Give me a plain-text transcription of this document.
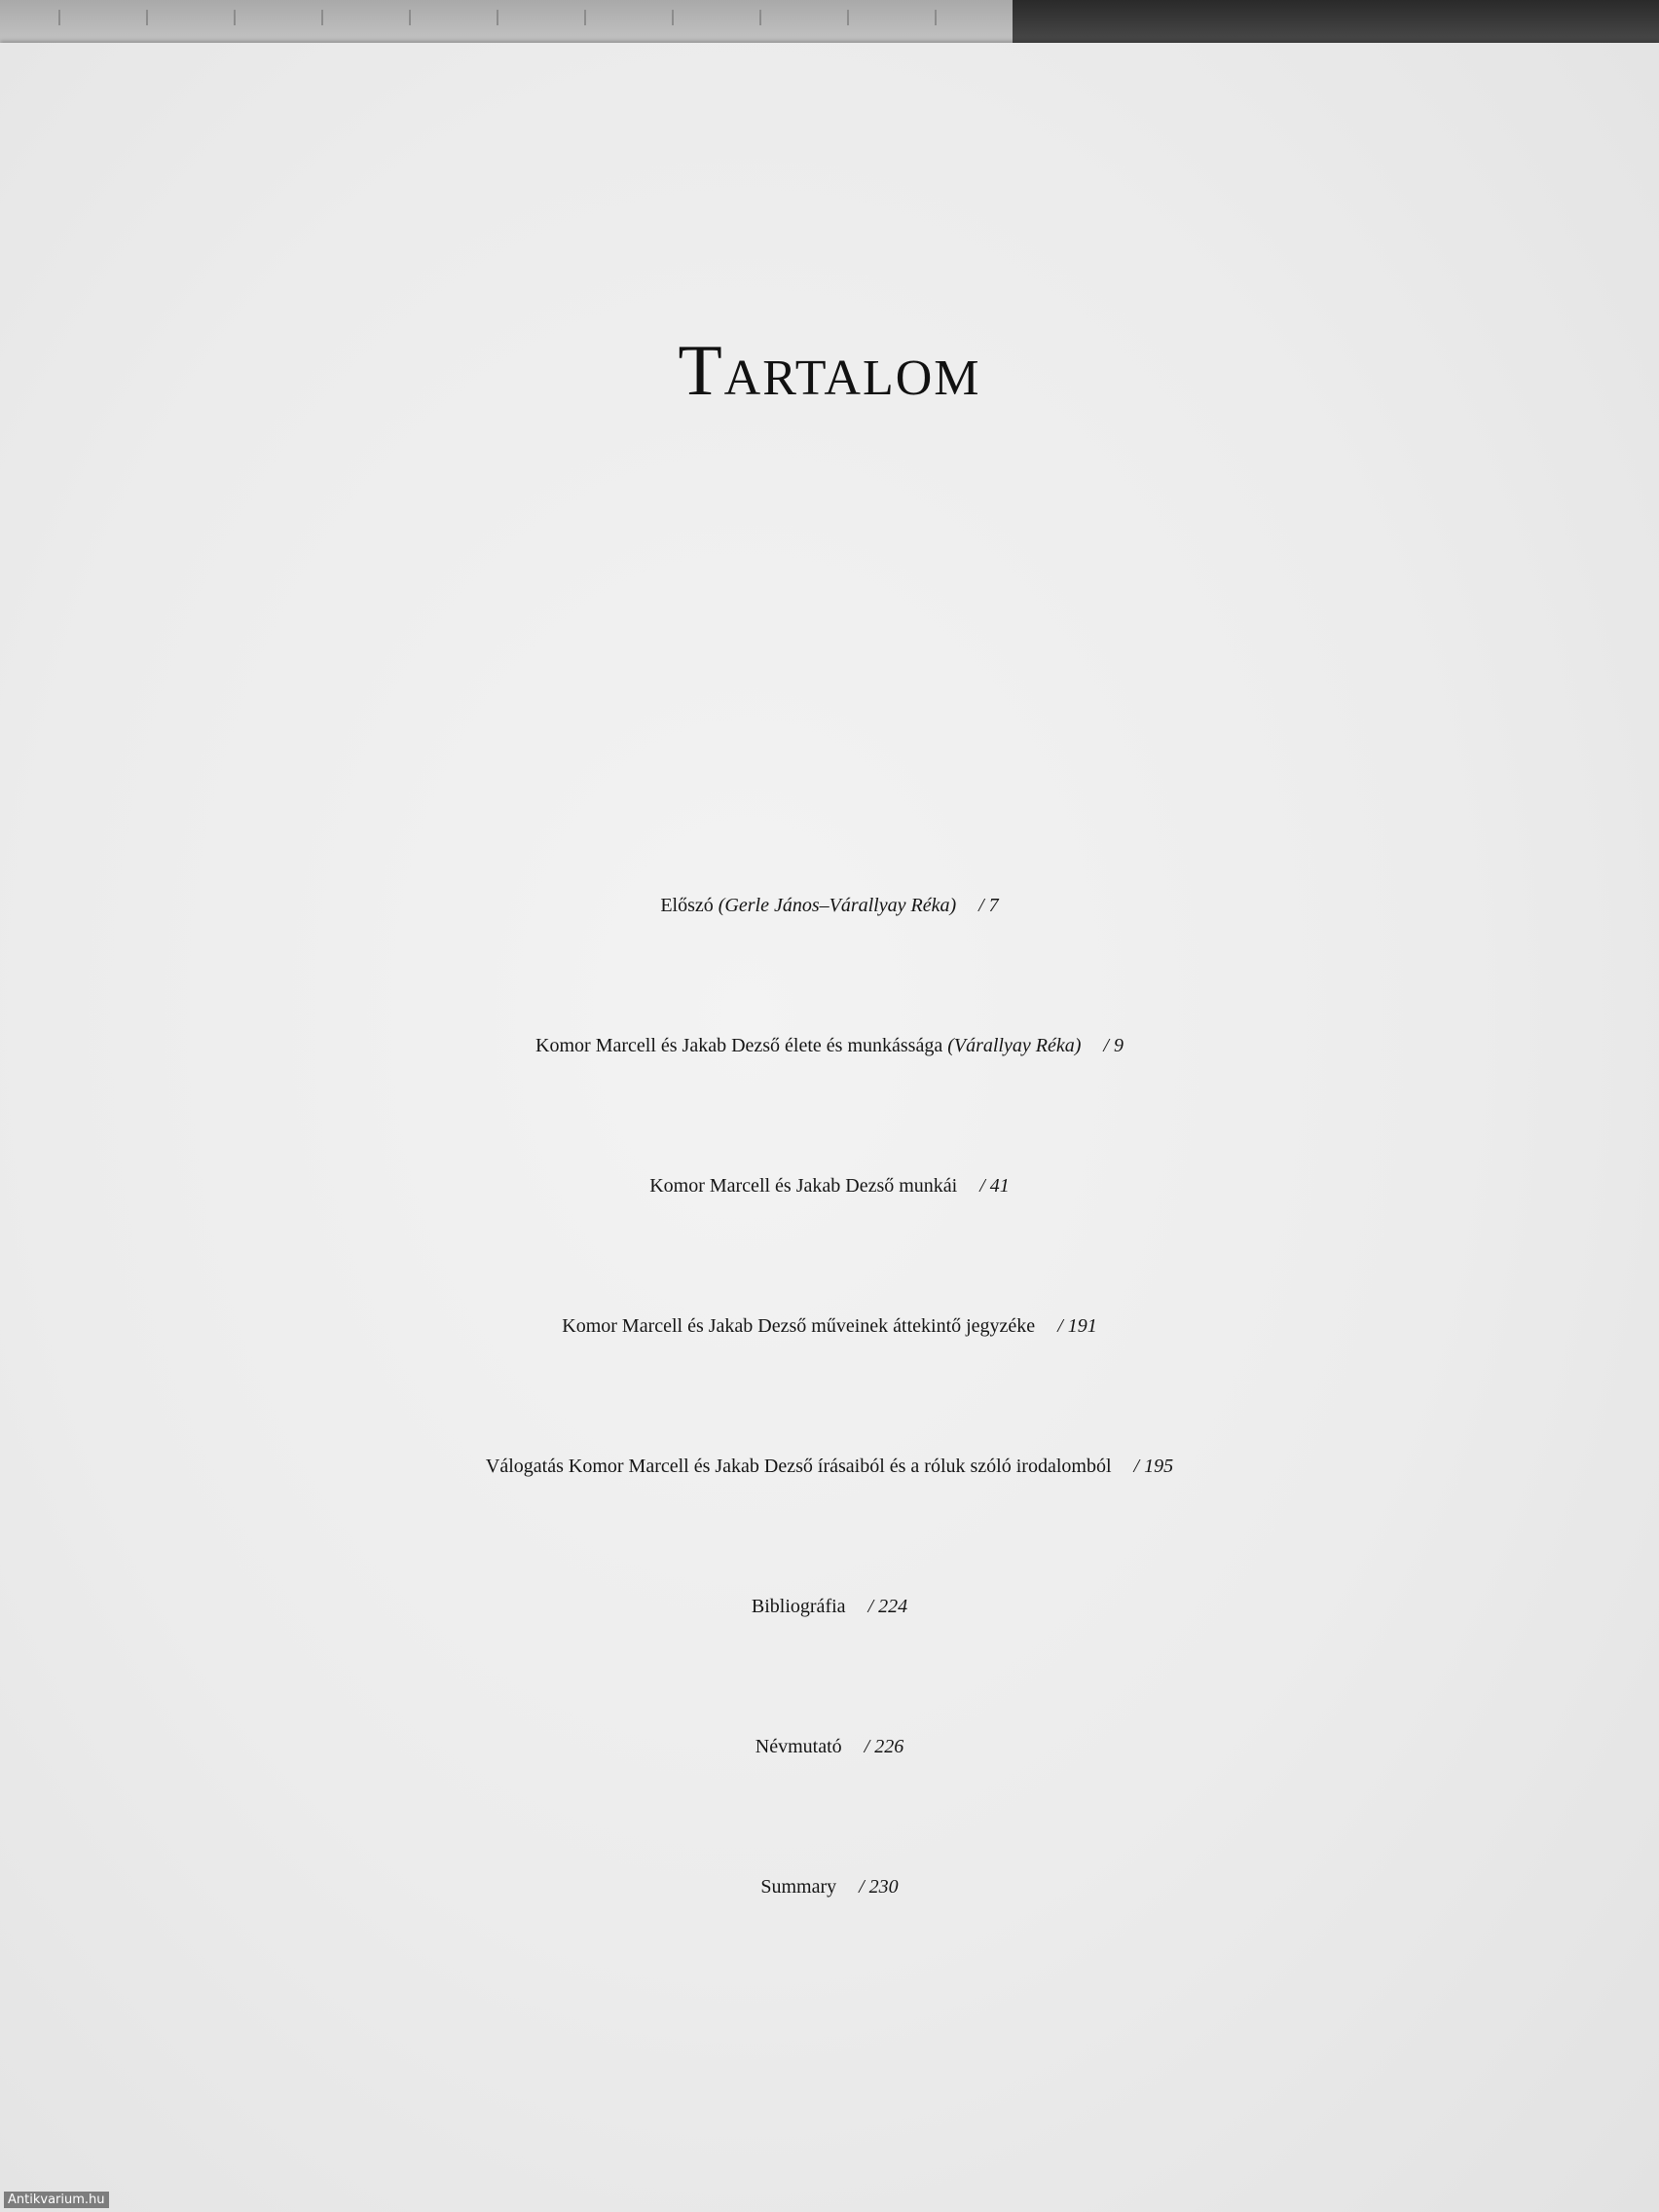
Tartalom
Előszó (Gerle János–Várallyay Réka) / 7
Komor Marcell és Jakab Dezső élete és munkássága (Várallyay Réka) / 9
Komor Marcell és Jakab Dezső munkái / 41
Komor Marcell és Jakab Dezső műveinek áttekintő jegyzéke / 191
Válogatás Komor Marcell és Jakab Dezső írásaiból és a róluk szóló irodalomból / 195
Bibliográfia / 224
Névmutató / 226
Summary / 230
Antikvarium.hu
